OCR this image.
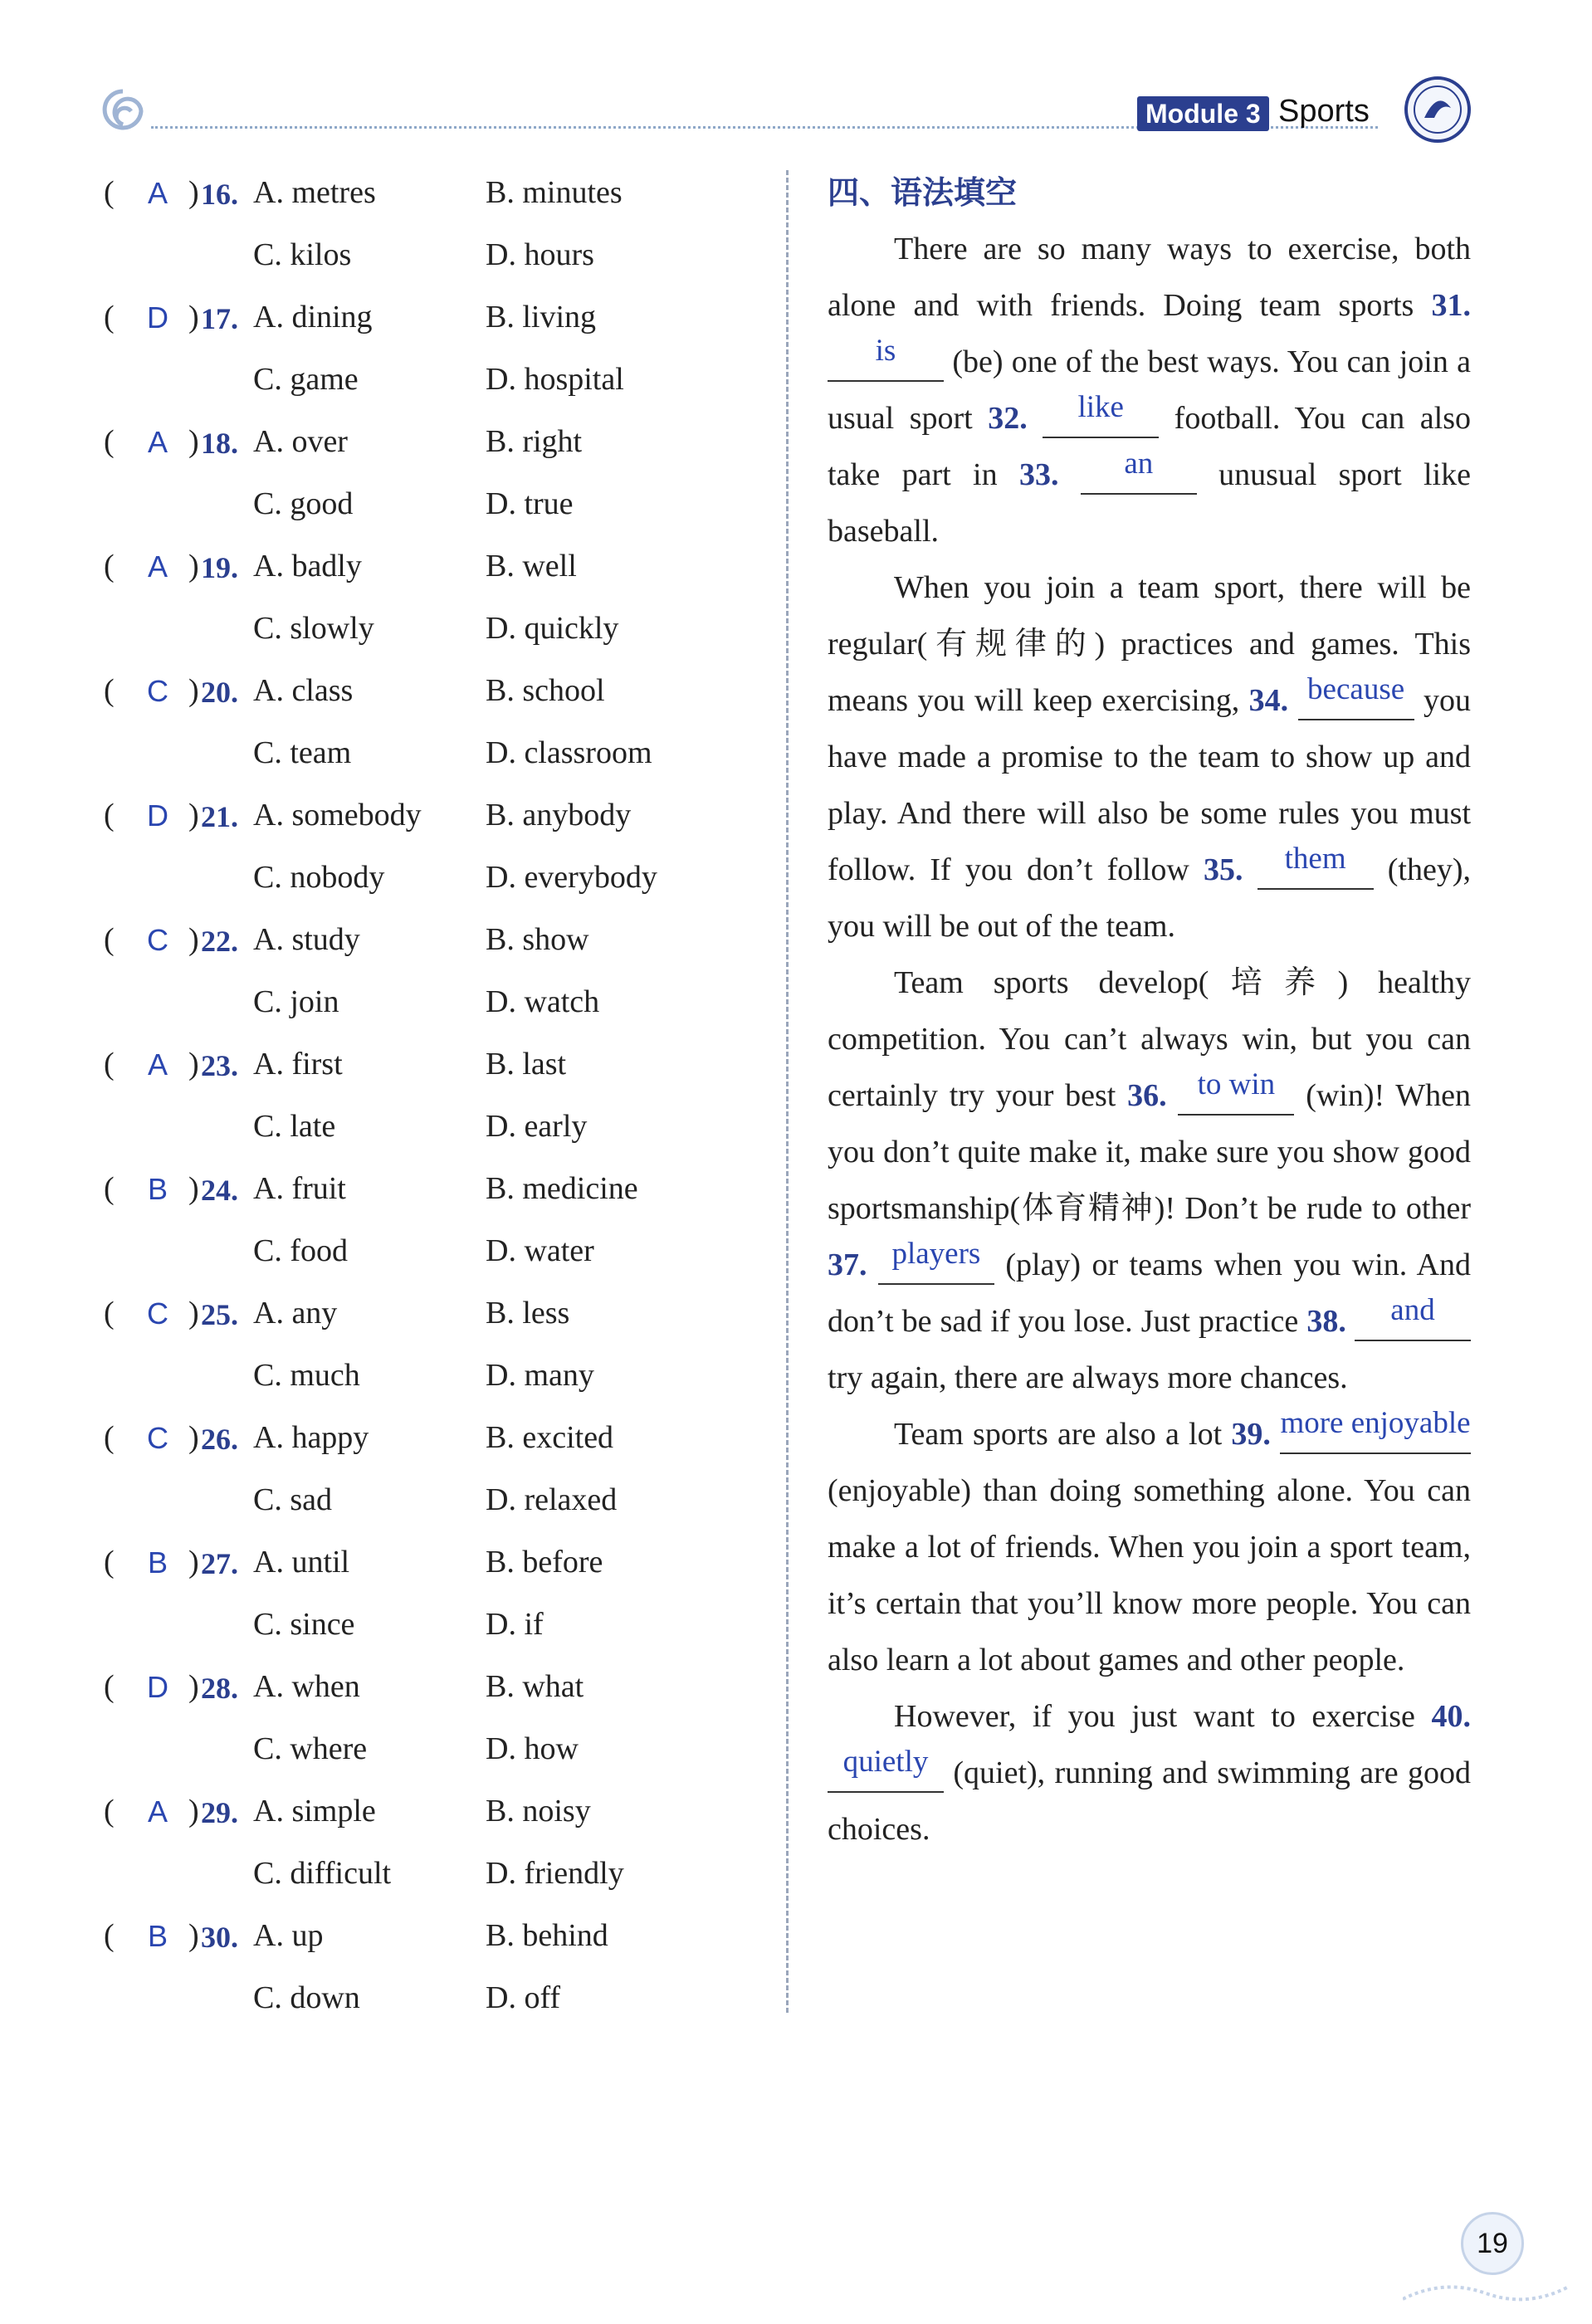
Module 3 Sports
( A ) 16. A. metres	B. minutes
C. kilos	D. hours
( D ) 17. A. dining	B. living
C. game	D. hospital
( A ) 18. A. over	B. right
C. good	D. true
( A ) 19. A. badly	B. well
C. slowly	D. quickly
( C ) 20. A. class	B. school
C. team	D. classroom
( D ) 21. A. somebody B. anybody
C. nobody	D. everybody
( C ) 22. A. study	B. show
C. join	D. watch
( A ) 23. A. first	B. last
C. late	D. early
( B ) 24. A. fruit	B. medicine
C. food	D. water
( C ) 25. A. any	B. less
C. much	D. many
( C ) 26. A. happy	B. excited
C. sad	D. relaxed
( B ) 27. A. until	B. before
C. since	D. if
( D ) 28. A. when	B. what
C. where	D. how
( A ) 29. A. simple	B. noisy
C. difficult	D. friendly
( B ) 30. A. up	B. behind
C. down	D. off
四、语法填空

There are so many ways to exercise, both alone and with friends. Doing team sports 31. is (be) one of the best ways. You can join a usual sport 32. like football. You can also take part in 33. an unusual sport like baseball.

When you join a team sport, there will be regular(有规律的) practices and games. This means you will keep exercising, 34. because you have made a promise to the team to show up and play. And there will also be some rules you must follow. If you don’t follow 35. them (they), you will be out of the team.

Team sports develop(培养) healthy competition. You can’t always win, but you can certainly try your best 36. to win (win)! When you don’t quite make it, make sure you show good sportsmanship(体育精神)! Don’t be rude to other 37. players (play) or teams when you win. And don’t be sad if you lose. Just practice 38. and try again, there are always more chances.

Team sports are also a lot 39. more enjoyable (enjoyable) than doing something alone. You can make a lot of friends. When you join a sport team, it’s certain that you’ll know more people. You can also learn a lot about games and other people.

However, if you just want to exercise 40. quietly (quiet), running and swimming are good choices.

19
